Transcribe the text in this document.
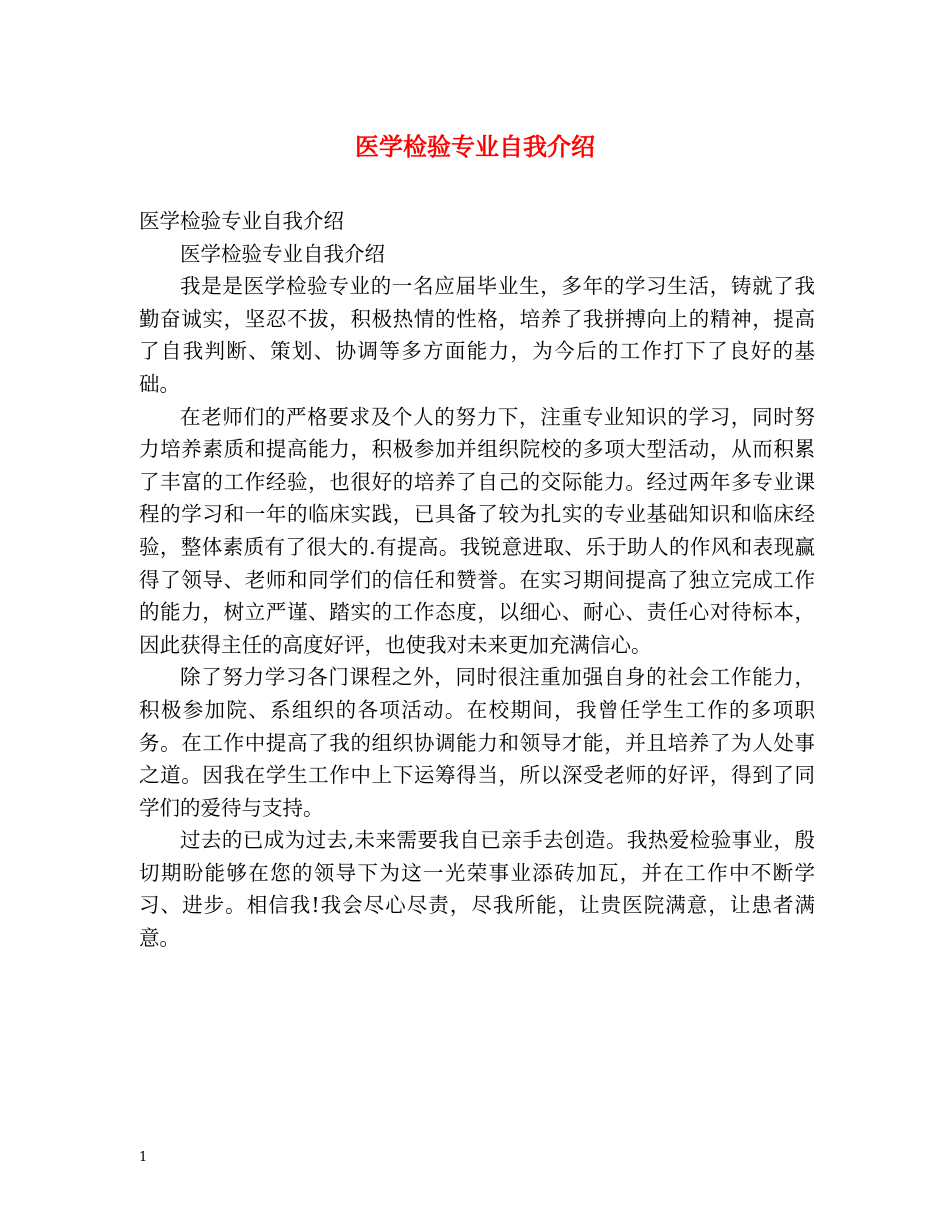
医学检验专业自我介绍

医学检验专业自我介绍

医学检验专业自我介绍

我是是医学检验专业的一名应届毕业生，多年的学习生活，铸就了我勤奋诚实，坚忍不拔，积极热情的性格，培养了我拼搏向上的精神，提高了自我判断、策划、协调等多方面能力，为今后的工作打下了良好的基础。

在老师们的严格要求及个人的努力下，注重专业知识的学习，同时努力培养素质和提高能力，积极参加并组织院校的多项大型活动，从而积累了丰富的工作经验，也很好的培养了自己的交际能力。经过两年多专业课程的学习和一年的临床实践，已具备了较为扎实的专业基础知识和临床经验，整体素质有了很大的.有提高。我锐意进取、乐于助人的作风和表现赢得了领导、老师和同学们的信任和赞誉。在实习期间提高了独立完成工作的能力，树立严谨、踏实的工作态度，以细心、耐心、责任心对待标本，因此获得主任的高度好评，也使我对未来更加充满信心。

除了努力学习各门课程之外，同时很注重加强自身的社会工作能力，积极参加院、系组织的各项活动。在校期间，我曾任学生工作的多项职务。在工作中提高了我的组织协调能力和领导才能，并且培养了为人处事之道。因我在学生工作中上下运筹得当，所以深受老师的好评，得到了同学们的爱待与支持。

过去的已成为过去,未来需要我自已亲手去创造。我热爱检验事业，殷切期盼能够在您的领导下为这一光荣事业添砖加瓦，并在工作中不断学习、进步。相信我!我会尽心尽责，尽我所能，让贵医院满意，让患者满意。

1
